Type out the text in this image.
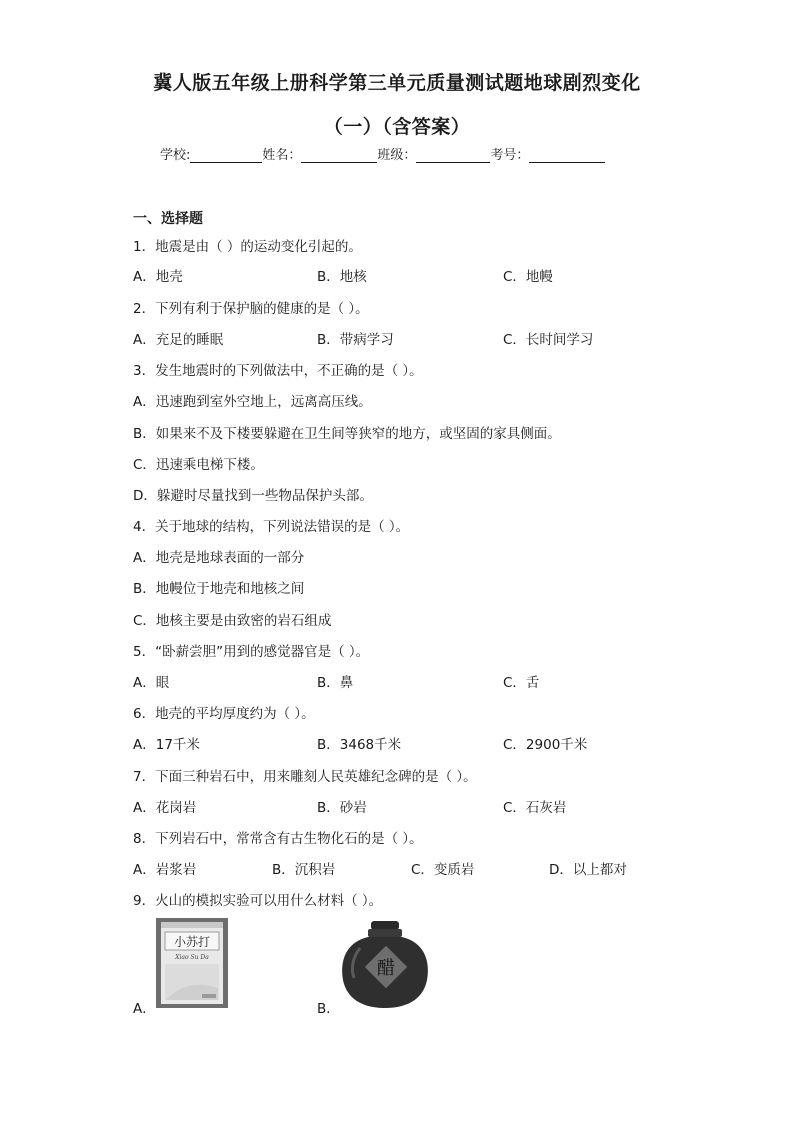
冀人版五年级上册科学第三单元质量测试题地球剧烈变化
（一）（含答案）
学校:	姓名：	班级：	考号：
一、选择题
1．地震是由（ ）的运动变化引起的。
A．地壳	B．地核	C．地幔
2．下列有利于保护脑的健康的是（ ）。
A．充足的睡眠	B．带病学习	C．长时间学习
3．发生地震时的下列做法中，不正确的是（ ）。
A．迅速跑到室外空地上，远离高压线。
B．如果来不及下楼要躲避在卫生间等狭窄的地方，或坚固的家具侧面。
C．迅速乘电梯下楼。
D．躲避时尽量找到一些物品保护头部。
4．关于地球的结构，下列说法错误的是（ ）。
A．地壳是地球表面的一部分
B．地幔位于地壳和地核之间
C．地核主要是由致密的岩石组成
5．“卧薪尝胆”用到的感觉器官是（ ）。
A．眼	B．鼻	C．舌
6．地壳的平均厚度约为（ ）。
A．17千米	B．3468千米	C．2900千米
7．下面三种岩石中，用来雕刻人民英雄纪念碑的是（ ）。
A．花岗岩	B．砂岩	C．石灰岩
8．下列岩石中，常常含有古生物化石的是（ ）。
A．岩浆岩	B．沉积岩	C．变质岩	D．以上都对
9．火山的模拟实验可以用什么材料（ ）。
A．
小苏打
Xiao Su Da
B．
醋
